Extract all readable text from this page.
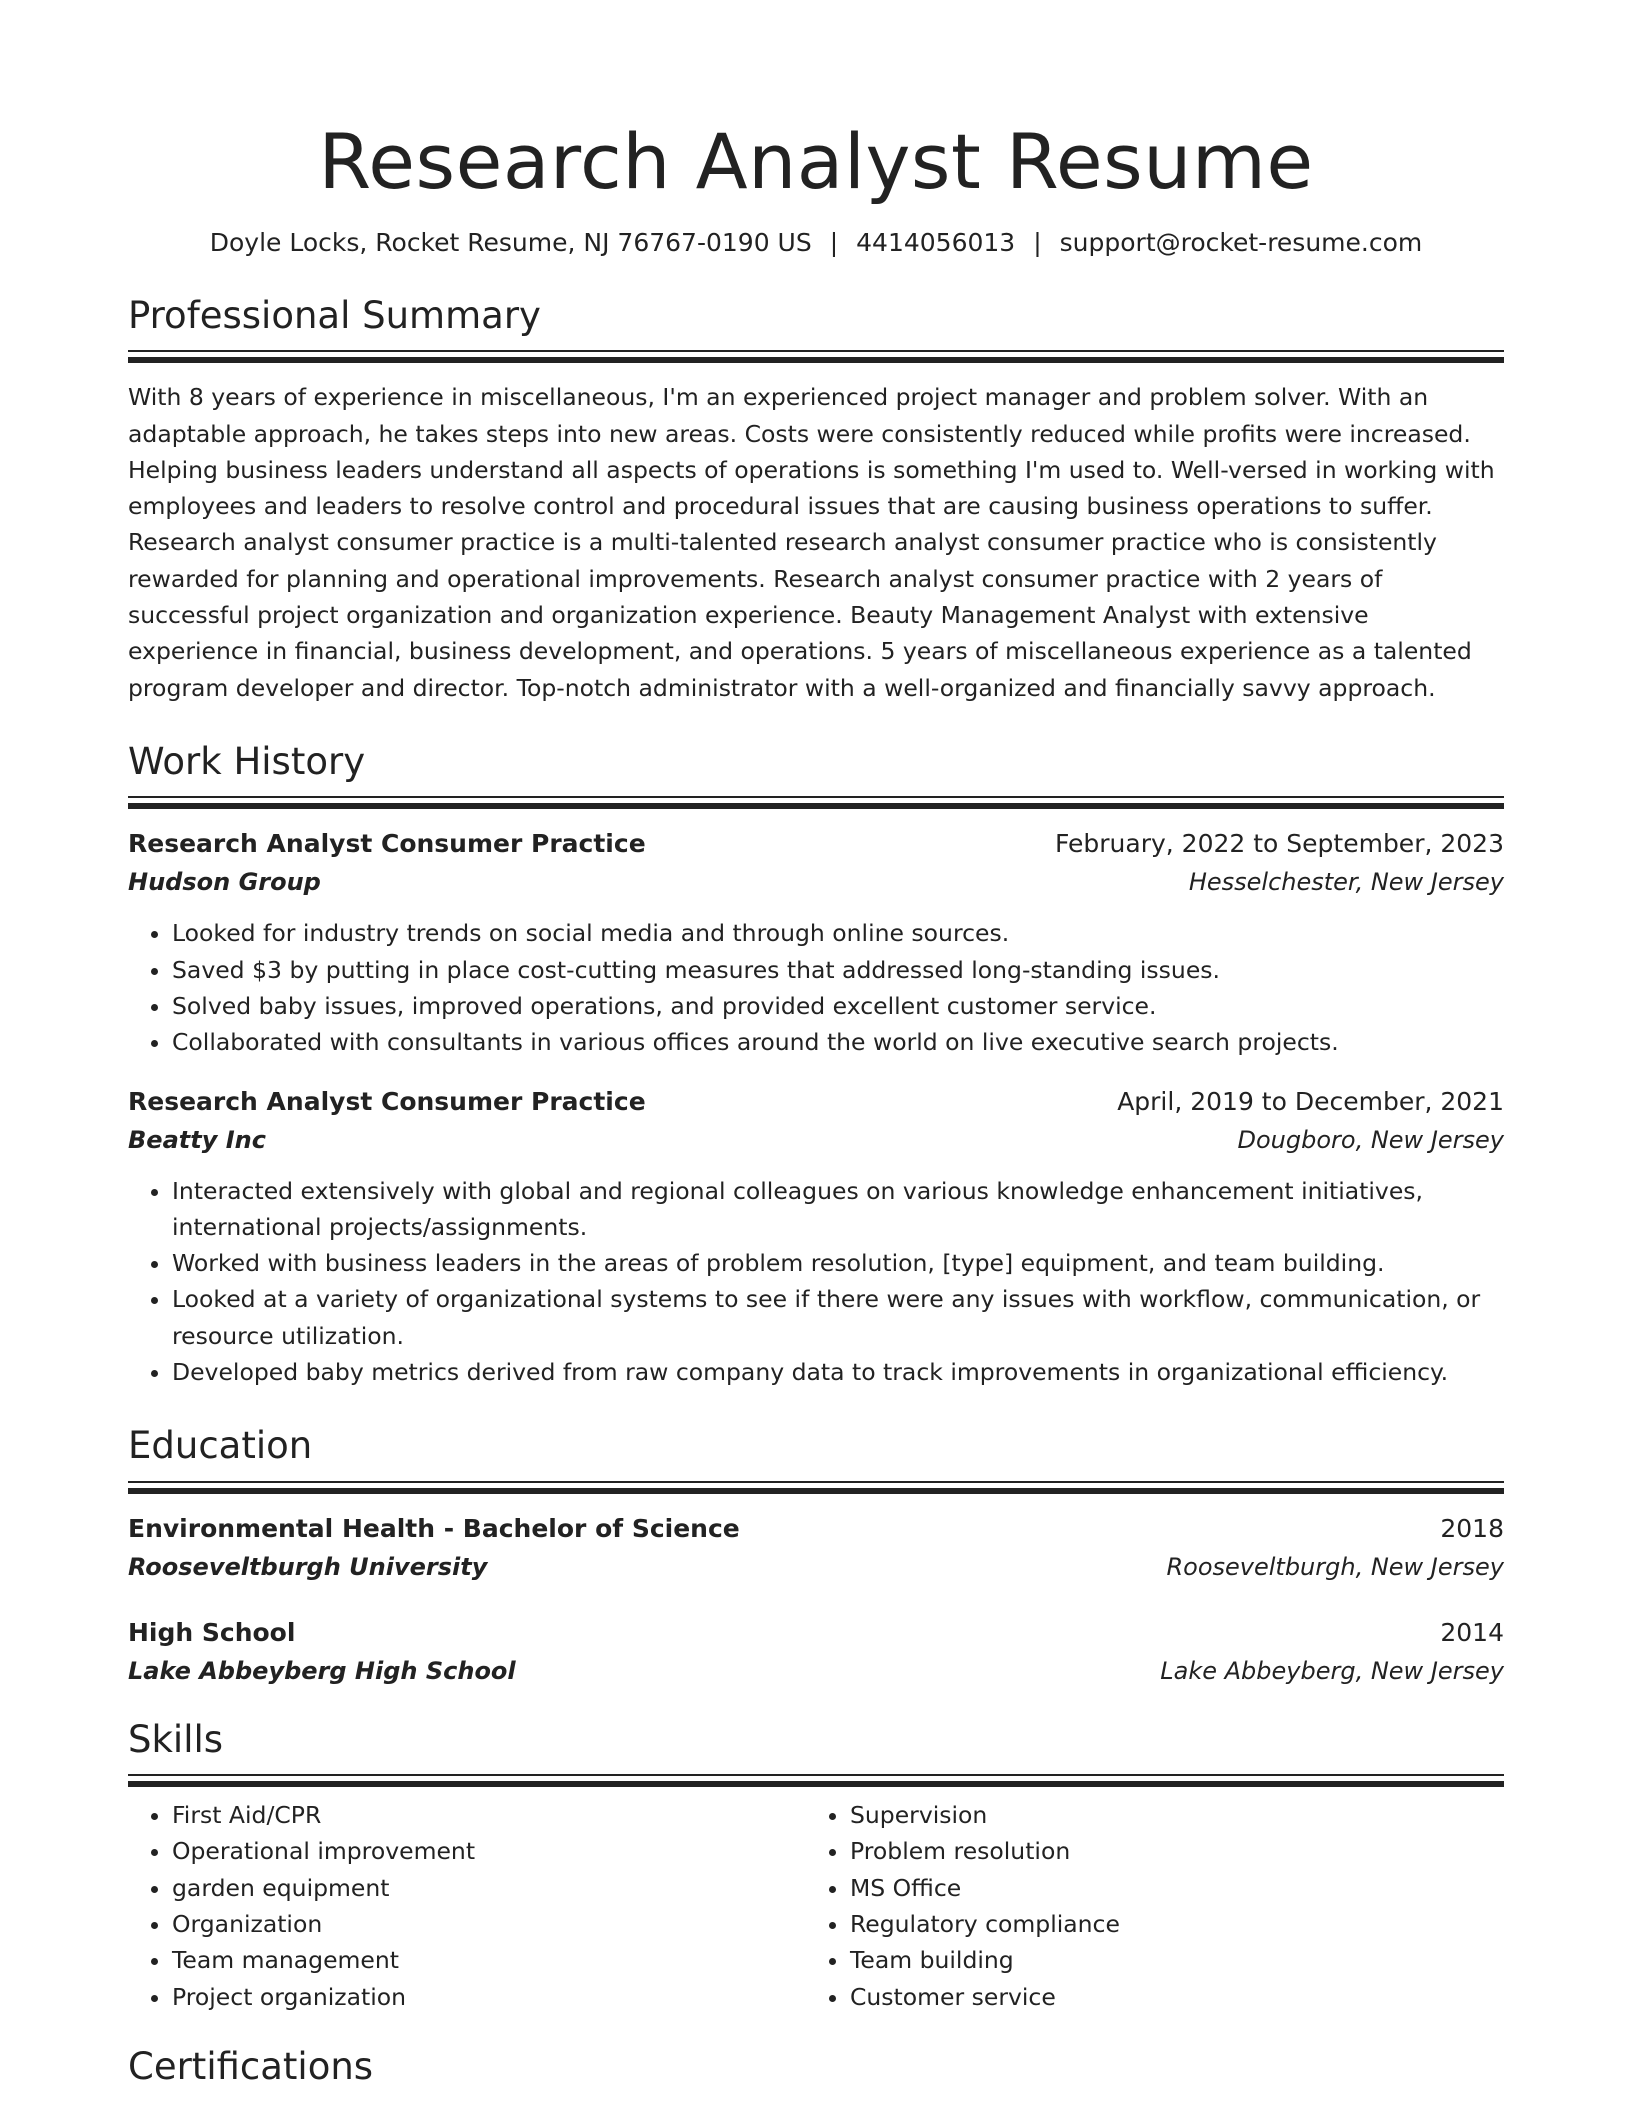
Research Analyst Resume
Doyle Locks, Rocket Resume, NJ 76767-0190 US | 4414056013 | support@rocket-resume.com
Professional Summary

With 8 years of experience in miscellaneous, I'm an experienced project manager and problem solver. With an adaptable approach, he takes steps into new areas. Costs were consistently reduced while profits were increased. Helping business leaders understand all aspects of operations is something I'm used to. Well-versed in working with employees and leaders to resolve control and procedural issues that are causing business operations to suffer. Research analyst consumer practice is a multi-talented research analyst consumer practice who is consistently rewarded for planning and operational improvements. Research analyst consumer practice with 2 years of successful project organization and organization experience. Beauty Management Analyst with extensive experience in financial, business development, and operations. 5 years of miscellaneous experience as a talented program developer and director. Top-notch administrator with a well-organized and financially savvy approach.

Work History
Research Analyst Consumer Practice	February, 2022 to September, 2023
Hudson Group	Hesselchester, New Jersey
• Looked for industry trends on social media and through online sources.
• Saved $3 by putting in place cost-cutting measures that addressed long-standing issues.
• Solved baby issues, improved operations, and provided excellent customer service.
• Collaborated with consultants in various offices around the world on live executive search projects.
Research Analyst Consumer Practice	April, 2019 to December, 2021
Beatty Inc	Dougboro, New Jersey
• Interacted extensively with global and regional colleagues on various knowledge enhancement initiatives, international projects/assignments.
• Worked with business leaders in the areas of problem resolution, [type] equipment, and team building.
• Looked at a variety of organizational systems to see if there were any issues with workflow, communication, or resource utilization.
• Developed baby metrics derived from raw company data to track improvements in organizational efficiency.
Education
Environmental Health - Bachelor of Science	2018
Rooseveltburgh University	Rooseveltburgh, New Jersey
High School	2014
Lake Abbeyberg High School	Lake Abbeyberg, New Jersey
Skills
• First Aid/CPR
• Operational improvement
• garden equipment
• Organization
• Team management
• Project organization
• Supervision
• Problem resolution
• MS Office
• Regulatory compliance
• Team building
• Customer service
Certifications
